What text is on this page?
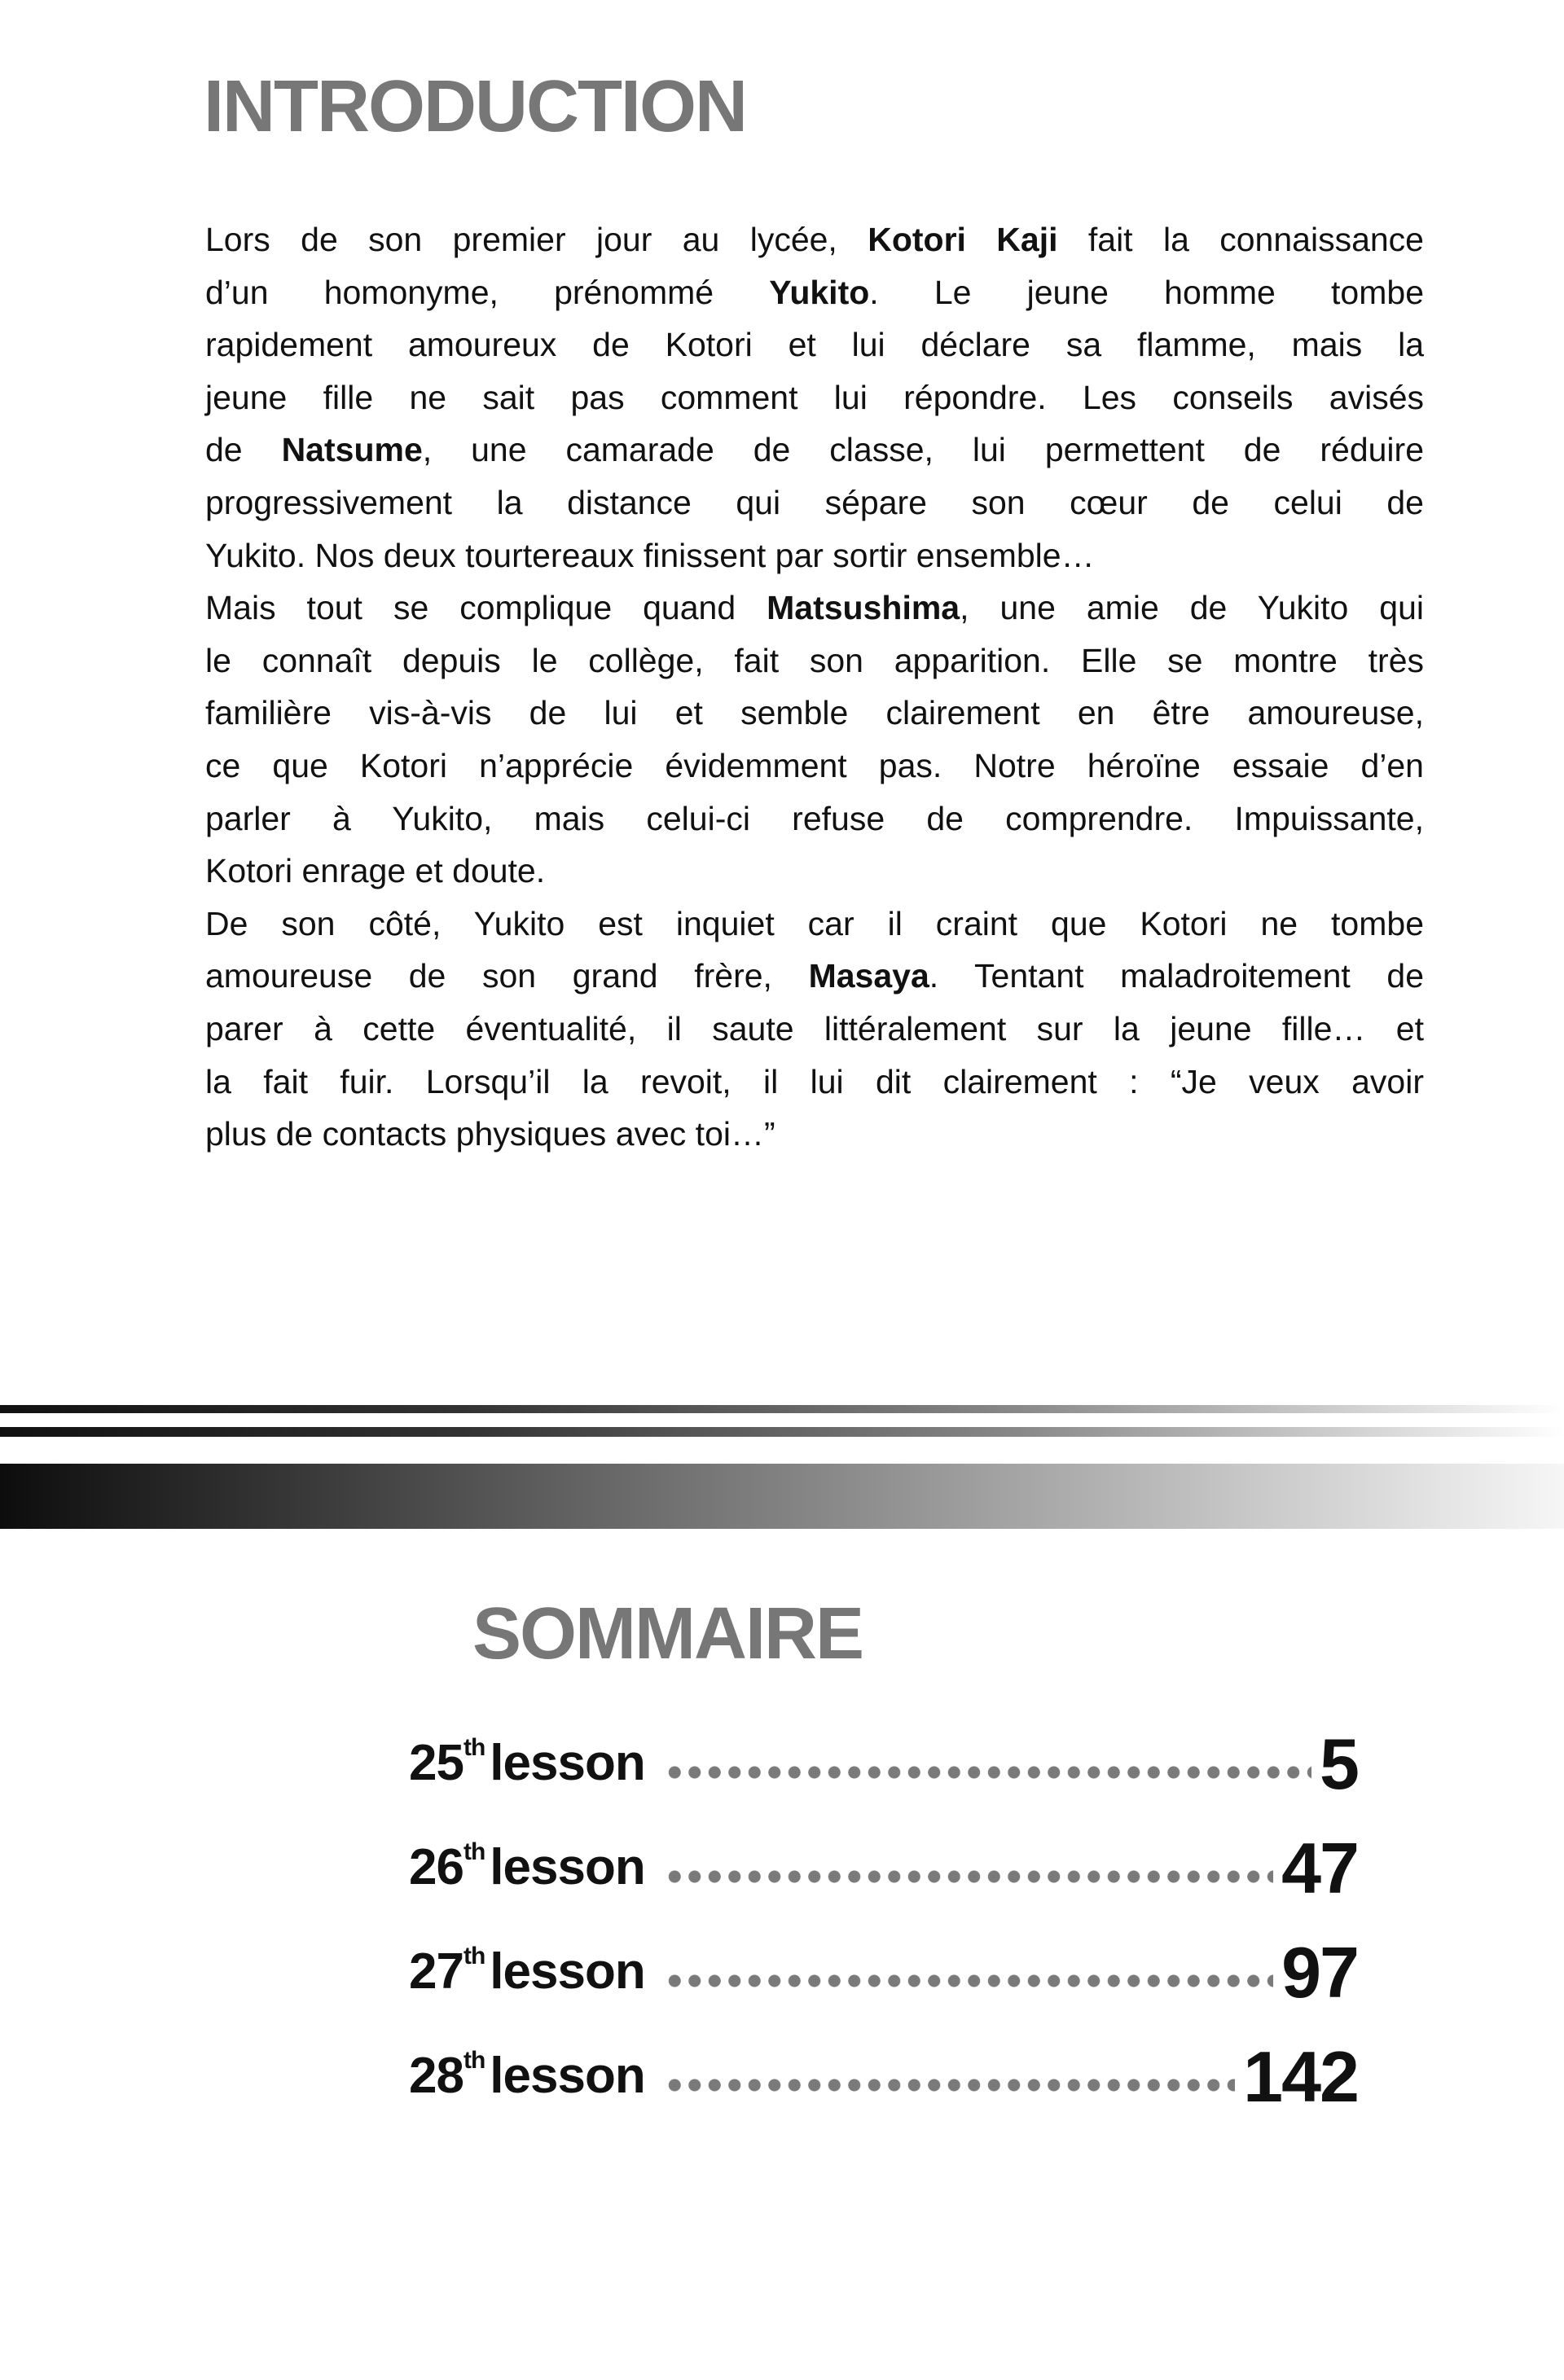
INTRODUCTION
Lors de son premier jour au lycée, Kotori Kaji fait la connaissance
d’un homonyme, prénommé Yukito. Le jeune homme tombe
rapidement amoureux de Kotori et lui déclare sa flamme, mais la
jeune fille ne sait pas comment lui répondre. Les conseils avisés
de Natsume, une camarade de classe, lui permettent de réduire
progressivement la distance qui sépare son cœur de celui de
Yukito. Nos deux tourtereaux finissent par sortir ensemble…
Mais tout se complique quand Matsushima, une amie de Yukito qui
le connaît depuis le collège, fait son apparition. Elle se montre très
familière vis-à-vis de lui et semble clairement en être amoureuse,
ce que Kotori n’apprécie évidemment pas. Notre héroïne essaie d’en
parler à Yukito, mais celui-ci refuse de comprendre. Impuissante,
Kotori enrage et doute.
De son côté, Yukito est inquiet car il craint que Kotori ne tombe
amoureuse de son grand frère, Masaya. Tentant maladroitement de
parer à cette éventualité, il saute littéralement sur la jeune fille… et
la fait fuir. Lorsqu’il la revoit, il lui dit clairement : “Je veux avoir
plus de contacts physiques avec toi…”
SOMMAIRE
25thlesson	5
26thlesson	47
27thlesson	97
28thlesson	142
